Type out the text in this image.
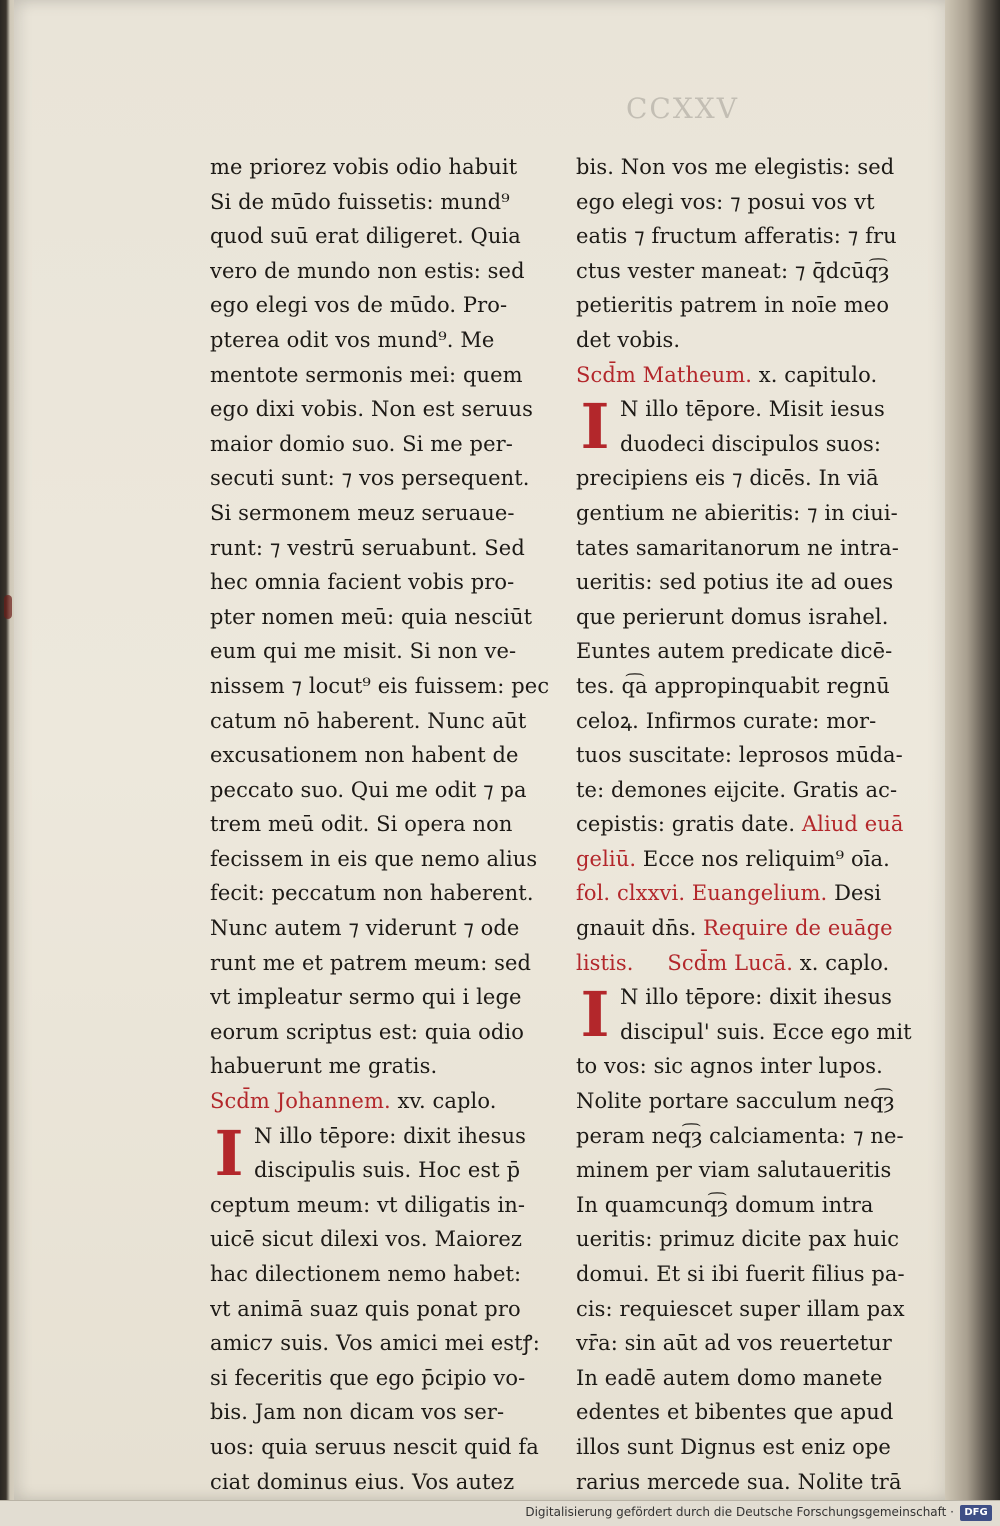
CCXXV
me priorez vobis odio habuit
Si de mūdo fuissetis: mund⁹
quod suū erat diligeret. Quia
vero de mundo non estis: sed
ego elegi vos de mūdo. Pro-
pterea odit vos mund⁹. Me
mentote sermonis mei: quem
ego dixi vobis. Non est seruus
maior domio suo. Si me per-
secuti sunt: ⁊ vos persequent.
Si sermonem meuz seruaue-
runt: ⁊ vestrū seruabunt. Sed
hec omnia facient vobis pro-
pter nomen meū: quia nesciūt
eum qui me misit. Si non ve-
nissem ⁊ locut⁹ eis fuissem: pec
catum nō haberent. Nunc aūt
excusationem non habent de
peccato suo. Qui me odit ⁊ pa
trem meū odit. Si opera non
fecissem in eis que nemo alius
fecit: peccatum non haberent.
Nunc autem ⁊ viderunt ⁊ ode
runt me et patrem meum: sed
vt impleatur sermo qui i lege
eorum scriptus est: quia odio
habuerunt me gratis.
Scd̄m Johannem. xv. caplo.
I N illo tēpore: dixit ihesus
discipulis suis. Hoc est p̄
ceptum meum: vt diligatis in-
uicē sicut dilexi vos. Maiorez
hac dilectionem nemo habet:
vt animā suaz quis ponat pro
amic⁊ suis. Vos amici mei estꝭ:
si feceritis que ego p̄cipio vo-
bis. Jam non dicam vos ser-
uos: quia seruus nescit quid fa
ciat dominus eius. Vos autez
bis. Non vos me elegistis: sed
ego elegi vos: ⁊ posui vos vt
eatis ⁊ fructum afferatis: ⁊ fru
ctus vester maneat: ⁊ q̄dcūq͡ȝ
petieritis patrem in noīe meo
det vobis.
Scd̄m Matheum. x. capitulo.
I N illo tēpore. Misit iesus
duodeci discipulos suos:
precipiens eis ⁊ dicēs. In viā
gentium ne abieritis: ⁊ in ciui-
tates samaritanorum ne intra-
ueritis: sed potius ite ad oues
que perierunt domus israhel.
Euntes autem predicate dicē-
tes. q͡a appropinquabit regnū
celoꝝ. Infirmos curate: mor-
tuos suscitate: leprosos mūda-
te: demones eijcite. Gratis ac-
cepistis: gratis date. Aliud euā
geliū. Ecce nos reliquim⁹ oīa.
fol. clxxvi. Euangelium. Desi
gnauit dn̄s. Require de euāge
listis.     Scd̄m Lucā. x. caplo.
I N illo tēpore: dixit ihesus
discipul' suis. Ecce ego mit
to vos: sic agnos inter lupos.
Nolite portare sacculum neq͡ȝ
peram neq͡ȝ calciamenta: ⁊ ne-
minem per viam salutaueritis
In quamcunq͡ȝ domum intra
ueritis: primuz dicite pax huic
domui. Et si ibi fuerit filius pa-
cis: requiescet super illam pax
vr̄a: sin aūt ad vos reuertetur
In eadē autem domo manete
edentes et bibentes que apud
illos sunt Dignus est eniz ope
rarius mercede sua. Nolite trā
Digitalisierung gefördert durch die Deutsche Forschungsgemeinschaft ·	DFG
